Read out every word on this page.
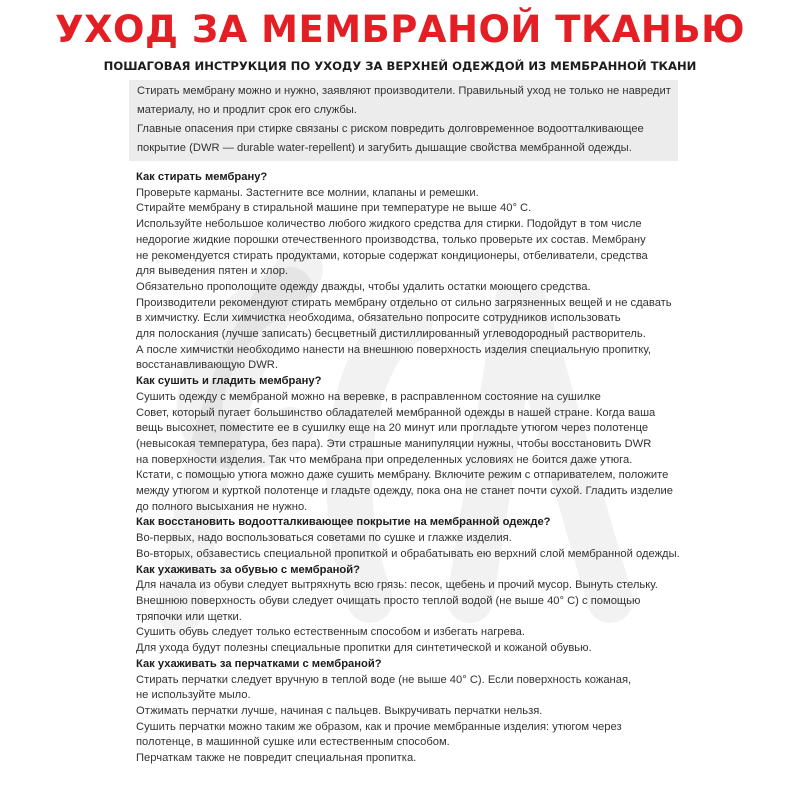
УХОД ЗА МЕМБРАНОЙ ТКАНЬЮ
ПОШАГОВАЯ ИНСТРУКЦИЯ ПО УХОДУ ЗА ВЕРХНЕЙ ОДЕЖДОЙ ИЗ МЕМБРАННОЙ ТКАНИ
Стирать мембрану можно и нужно, заявляют производители. Правильный уход не только не навредит
материалу, но и продлит срок его службы.
Главные опасения при стирке связаны с риском повредить долговременное водоотталкивающее
покрытие (DWR — durable water-repellent) и загубить дышащие свойства мембранной одежды.
Как стирать мембрану?
Проверьте карманы. Застегните все молнии, клапаны и ремешки.
Стирайте мембрану в стиральной машине при температуре не выше 40° С.
Используйте небольшое количество любого жидкого средства для стирки. Подойдут в том числе
недорогие жидкие порошки отечественного производства, только проверьте их состав. Мембрану
не рекомендуется стирать продуктами, которые содержат кондиционеры, отбеливатели, средства
для выведения пятен и хлор.
Обязательно прополощите одежду дважды, чтобы удалить остатки моющего средства.
Производители рекомендуют стирать мембрану отдельно от сильно загрязненных вещей и не сдавать
в химчистку. Если химчистка необходима, обязательно попросите сотрудников использовать
для полоскания (лучше записать) бесцветный дистиллированный углеводородный растворитель.
А после химчистки необходимо нанести на внешнюю поверхность изделия специальную пропитку,
восстанавливающую DWR.
Как сушить и гладить мембрану?
Сушить одежду с мембраной можно на веревке, в расправленном состояние на сушилке
Совет, который пугает большинство обладателей мембранной одежды в нашей стране. Когда ваша
вещь высохнет, поместите ее в сушилку еще на 20 минут или прогладьте утюгом через полотенце
(невысокая температура, без пара). Эти страшные манипуляции нужны, чтобы восстановить DWR
на поверхности изделия. Так что мембрана при определенных условиях не боится даже утюга.
Кстати, с помощью утюга можно даже сушить мембрану. Включите режим с отпаривателем, положите
между утюгом и курткой полотенце и гладьте одежду, пока она не станет почти сухой. Гладить изделие
до полного высыхания не нужно.
Как восстановить водоотталкивающее покрытие на мембранной одежде?
Во-первых, надо воспользоваться советами по сушке и глажке изделия.
Во-вторых, обзавестись специальной пропиткой и обрабатывать ею верхний слой мембранной одежды.
Как ухаживать за обувью с мембраной?
Для начала из обуви следует вытряхнуть всю грязь: песок, щебень и прочий мусор. Вынуть стельку.
Внешнюю поверхность обуви следует очищать просто теплой водой (не выше 40° С) с помощью
тряпочки или щетки.
Сушить обувь следует только естественным способом и избегать нагрева.
Для ухода будут полезны специальные пропитки для синтетической и кожаной обувью.
Как ухаживать за перчатками с мембраной?
Стирать перчатки следует вручную в теплой воде (не выше 40° С). Если поверхность кожаная,
не используйте мыло.
Отжимать перчатки лучше, начиная с пальцев. Выкручивать перчатки нельзя.
Сушить перчатки можно таким же образом, как и прочие мембранные изделия: утюгом через
полотенце, в машинной сушке или естественным способом.
Перчаткам также не повредит специальная пропитка.
